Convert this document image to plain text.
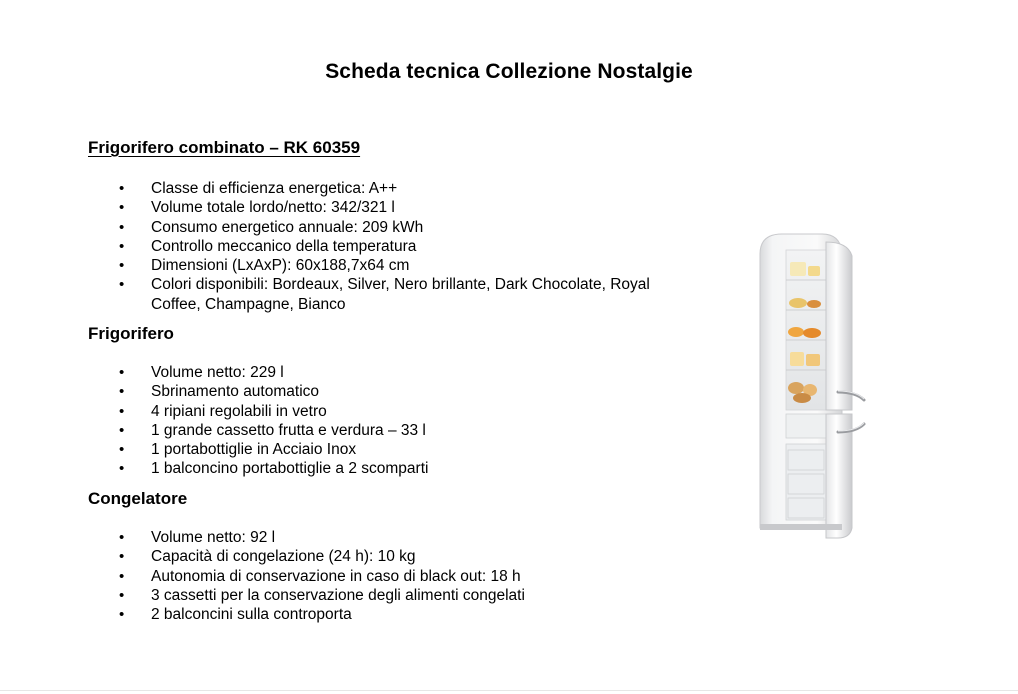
Scheda tecnica Collezione Nostalgie
Frigorifero combinato – RK 60359
• Classe di efficienza energetica: A++
• Volume totale lordo/netto: 342/321 l
• Consumo energetico annuale: 209 kWh
• Controllo meccanico della temperatura
• Dimensioni (LxAxP): 60x188,7x64 cm
• Colori disponibili: Bordeaux, Silver, Nero brillante, Dark Chocolate, Royal
Coffee, Champagne, Bianco
Frigorifero
• Volume netto: 229 l
• Sbrinamento automatico
• 4 ripiani regolabili in vetro
• 1 grande cassetto frutta e verdura – 33 l
• 1 portabottiglie in Acciaio Inox
• 1 balconcino portabottiglie a 2 scomparti
Congelatore
• Volume netto: 92 l
• Capacità di congelazione (24 h): 10 kg
• Autonomia di conservazione in caso di black out: 18 h
• 3 cassetti per la conservazione degli alimenti congelati
• 2 balconcini sulla controporta
